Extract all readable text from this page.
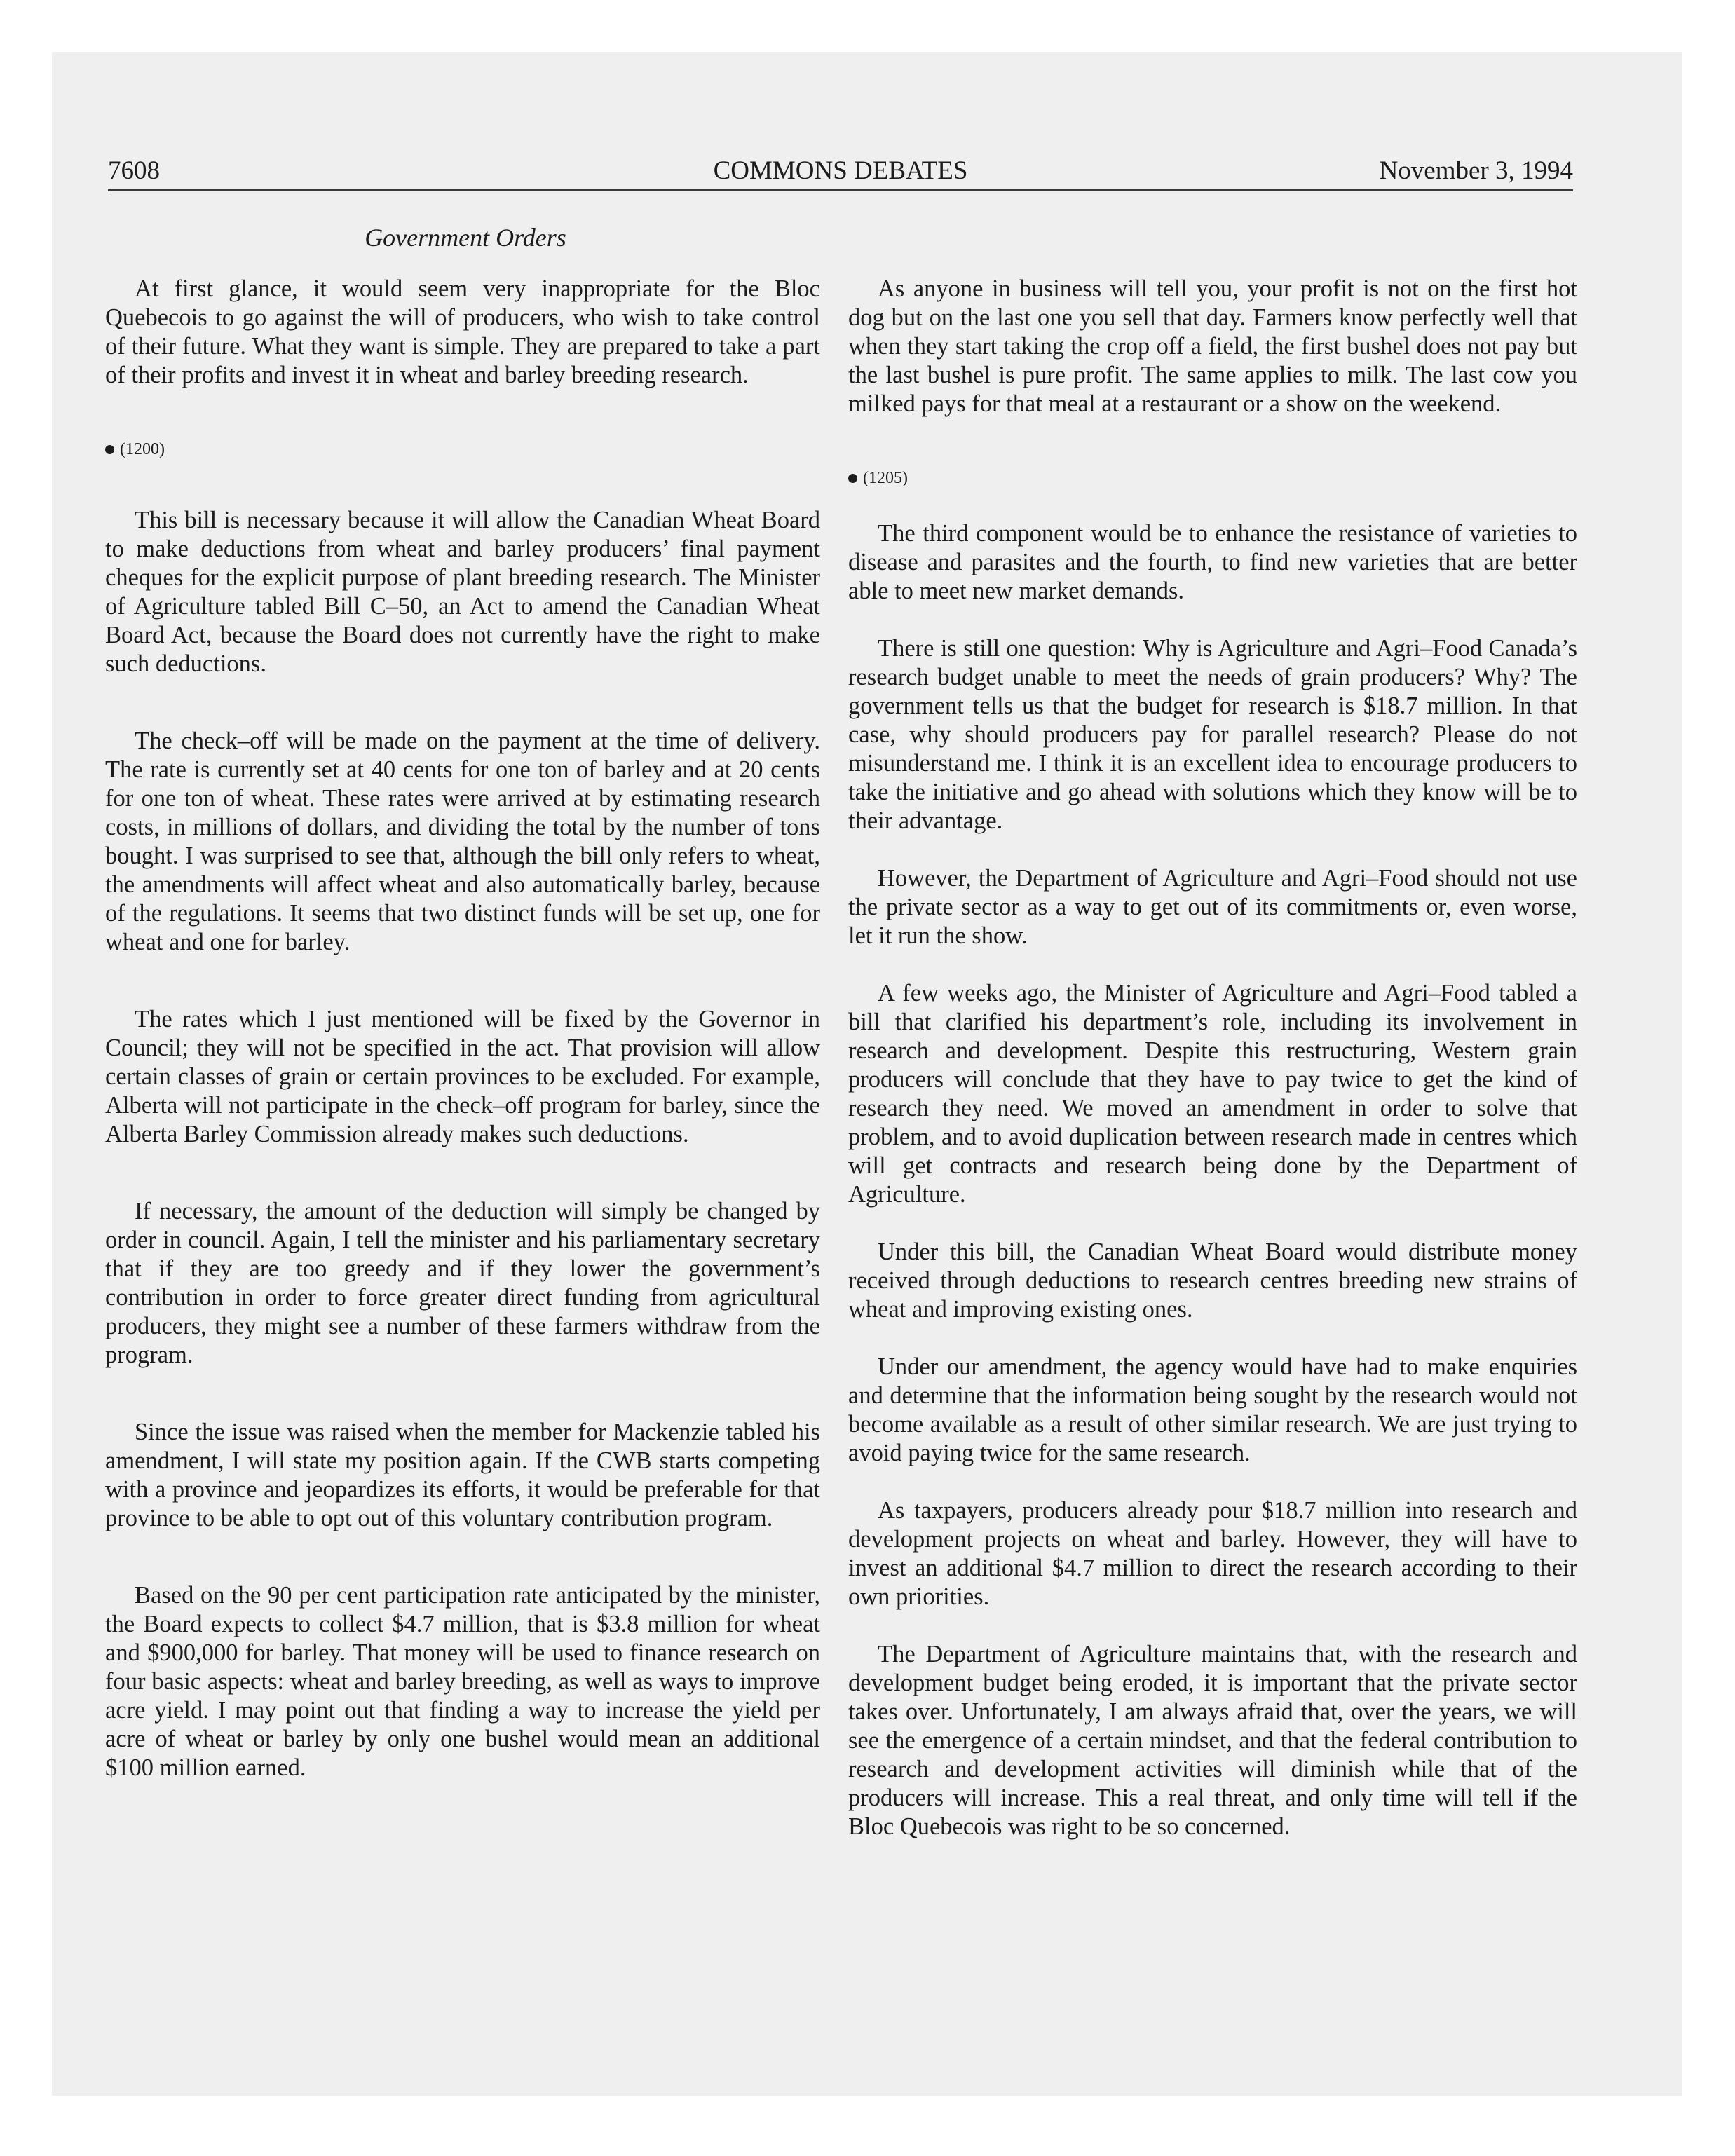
7608	COMMONS DEBATES	November 3, 1994
Government Orders

At first glance, it would seem very inappropriate for the Bloc Quebecois to go against the will of producers, who wish to take control of their future. What they want is simple. They are prepared to take a part of their profits and invest it in wheat and barley breeding research.

(1200)

This bill is necessary because it will allow the Canadian Wheat Board to make deductions from wheat and barley producers’ final payment cheques for the explicit purpose of plant breeding research. The Minister of Agriculture tabled Bill C–50, an Act to amend the Canadian Wheat Board Act, because the Board does not currently have the right to make such deductions.

The check–off will be made on the payment at the time of delivery. The rate is currently set at 40 cents for one ton of barley and at 20 cents for one ton of wheat. These rates were arrived at by estimating research costs, in millions of dollars, and dividing the total by the number of tons bought. I was surprised to see that, although the bill only refers to wheat, the amendments will affect wheat and also automatically barley, because of the regulations. It seems that two distinct funds will be set up, one for wheat and one for barley.

The rates which I just mentioned will be fixed by the Governor in Council; they will not be specified in the act. That provision will allow certain classes of grain or certain provinces to be excluded. For example, Alberta will not participate in the check–off program for barley, since the Alberta Barley Commission already makes such deductions.

If necessary, the amount of the deduction will simply be changed by order in council. Again, I tell the minister and his parliamentary secretary that if they are too greedy and if they lower the government’s contribution in order to force greater direct funding from agricultural producers, they might see a number of these farmers withdraw from the program.

Since the issue was raised when the member for Mackenzie tabled his amendment, I will state my position again. If the CWB starts competing with a province and jeopardizes its efforts, it would be preferable for that province to be able to opt out of this voluntary contribution program.

Based on the 90 per cent participation rate anticipated by the minister, the Board expects to collect $4.7 million, that is $3.8 million for wheat and $900,000 for barley. That money will be used to finance research on four basic aspects: wheat and barley breeding, as well as ways to improve acre yield. I may point out that finding a way to increase the yield per acre of wheat or barley by only one bushel would mean an additional $100 million earned.

As anyone in business will tell you, your profit is not on the first hot dog but on the last one you sell that day. Farmers know perfectly well that when they start taking the crop off a field, the first bushel does not pay but the last bushel is pure profit. The same applies to milk. The last cow you milked pays for that meal at a restaurant or a show on the weekend.

(1205)

The third component would be to enhance the resistance of varieties to disease and parasites and the fourth, to find new varieties that are better able to meet new market demands.

There is still one question: Why is Agriculture and Agri–Food Canada’s research budget unable to meet the needs of grain producers? Why? The government tells us that the budget for research is $18.7 million. In that case, why should producers pay for parallel research? Please do not misunderstand me. I think it is an excellent idea to encourage producers to take the initiative and go ahead with solutions which they know will be to their advantage.

However, the Department of Agriculture and Agri–Food should not use the private sector as a way to get out of its commitments or, even worse, let it run the show.

A few weeks ago, the Minister of Agriculture and Agri–Food tabled a bill that clarified his department’s role, including its involvement in research and development. Despite this restructuring, Western grain producers will conclude that they have to pay twice to get the kind of research they need. We moved an amendment in order to solve that problem, and to avoid duplication between research made in centres which will get contracts and research being done by the Department of Agriculture.

Under this bill, the Canadian Wheat Board would distribute money received through deductions to research centres breeding new strains of wheat and improving existing ones.

Under our amendment, the agency would have had to make enquiries and determine that the information being sought by the research would not become available as a result of other similar research. We are just trying to avoid paying twice for the same research.

As taxpayers, producers already pour $18.7 million into research and development projects on wheat and barley. However, they will have to invest an additional $4.7 million to direct the research according to their own priorities.

The Department of Agriculture maintains that, with the research and development budget being eroded, it is important that the private sector takes over. Unfortunately, I am always afraid that, over the years, we will see the emergence of a certain mindset, and that the federal contribution to research and development activities will diminish while that of the producers will increase. This a real threat, and only time will tell if the Bloc Quebecois was right to be so concerned.
